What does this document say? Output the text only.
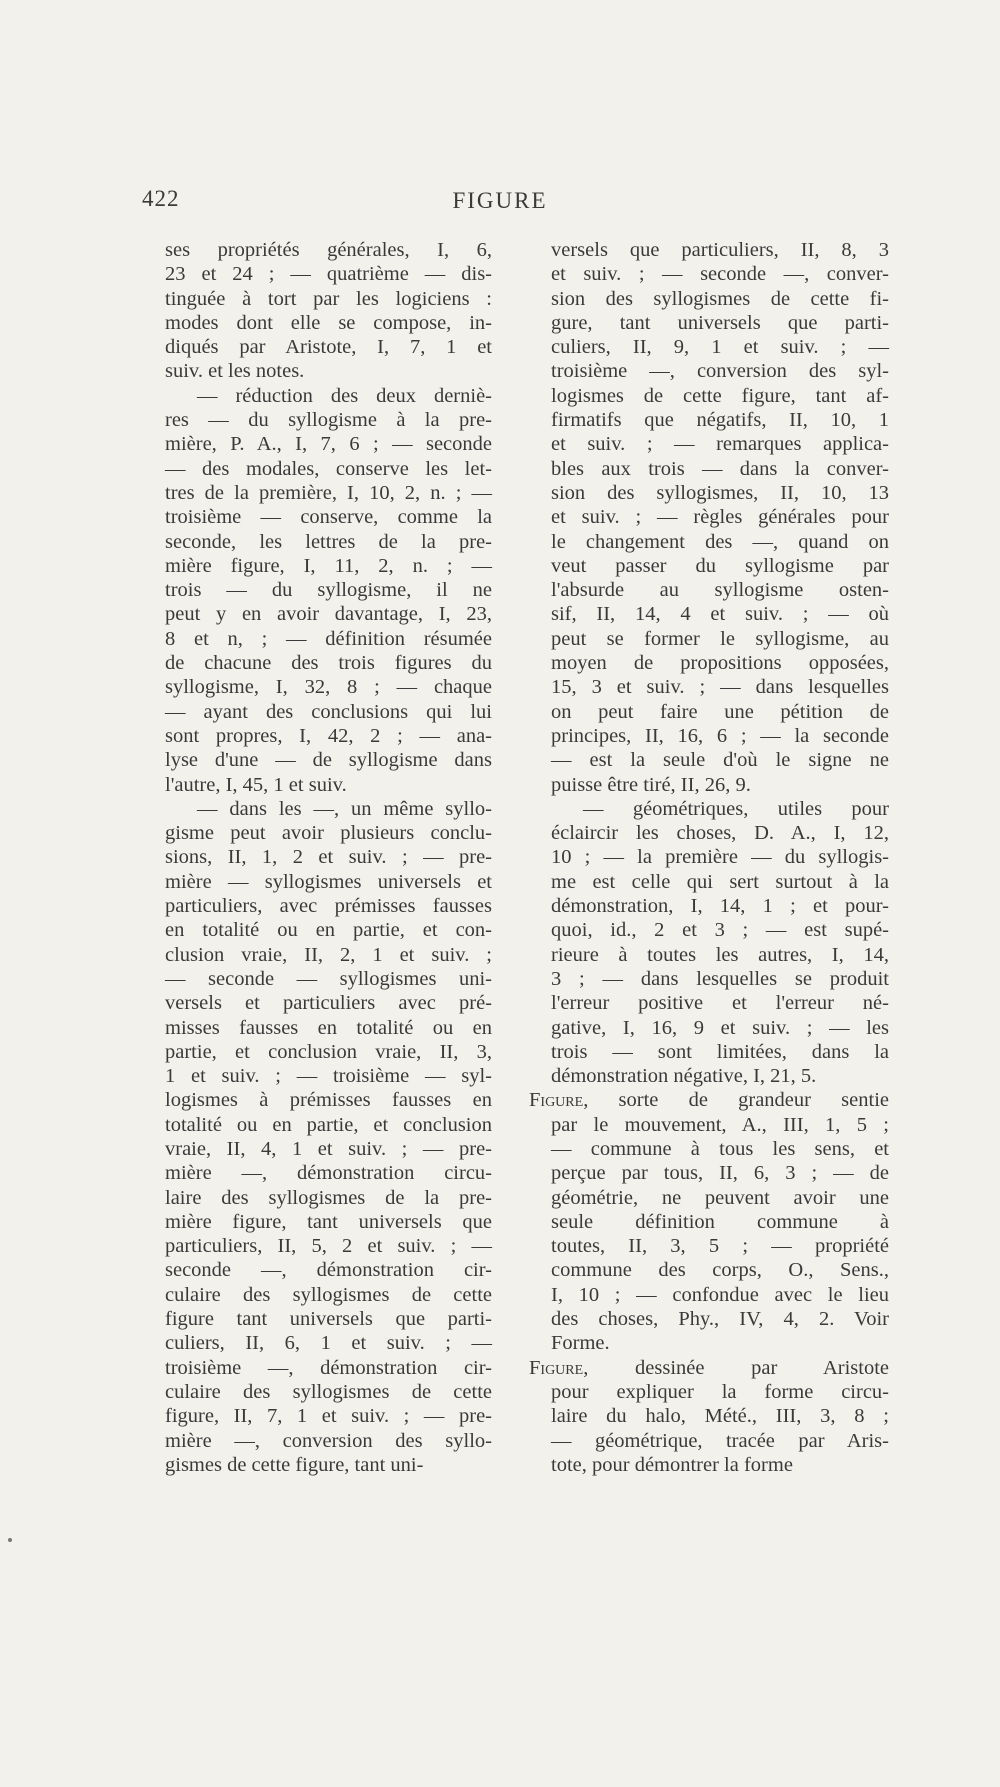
422	FIGURE
ses propriétés générales, I, 6,
23 et 24 ; — quatrième — dis-
tinguée à tort par les logiciens :
modes dont elle se compose, in-
diqués par Aristote, I, 7, 1 et
suiv. et les notes.
— réduction des deux derniè-
res — du syllogisme à la pre-
mière, P. A., I, 7, 6 ; — seconde
— des modales, conserve les let-
tres de la première, I, 10, 2, n. ; —
troisième — conserve, comme la
seconde, les lettres de la pre-
mière figure, I, 11, 2, n. ; —
trois — du syllogisme, il ne
peut y en avoir davantage, I, 23,
8 et n, ; — définition résumée
de chacune des trois figures du
syllogisme, I, 32, 8 ; — chaque
— ayant des conclusions qui lui
sont propres, I, 42, 2 ; — ana-
lyse d'une — de syllogisme dans
l'autre, I, 45, 1 et suiv.
— dans les —, un même syllo-
gisme peut avoir plusieurs conclu-
sions, II, 1, 2 et suiv. ; — pre-
mière — syllogismes universels et
particuliers, avec prémisses fausses
en totalité ou en partie, et con-
clusion vraie, II, 2, 1 et suiv. ;
— seconde — syllogismes uni-
versels et particuliers avec pré-
misses fausses en totalité ou en
partie, et conclusion vraie, II, 3,
1 et suiv. ; — troisième — syl-
logismes à prémisses fausses en
totalité ou en partie, et conclusion
vraie, II, 4, 1 et suiv. ; — pre-
mière —, démonstration circu-
laire des syllogismes de la pre-
mière figure, tant universels que
particuliers, II, 5, 2 et suiv. ; —
seconde —, démonstration cir-
culaire des syllogismes de cette
figure tant universels que parti-
culiers, II, 6, 1 et suiv. ; —
troisième —, démonstration cir-
culaire des syllogismes de cette
figure, II, 7, 1 et suiv. ; — pre-
mière —, conversion des syllo-
gismes de cette figure, tant uni-
versels que particuliers, II, 8, 3
et suiv. ; — seconde —, conver-
sion des syllogismes de cette fi-
gure, tant universels que parti-
culiers, II, 9, 1 et suiv. ; —
troisième —, conversion des syl-
logismes de cette figure, tant af-
firmatifs que négatifs, II, 10, 1
et suiv. ; — remarques applica-
bles aux trois — dans la conver-
sion des syllogismes, II, 10, 13
et suiv. ; — règles générales pour
le changement des —, quand on
veut passer du syllogisme par
l'absurde au syllogisme osten-
sif, II, 14, 4 et suiv. ; — où
peut se former le syllogisme, au
moyen de propositions opposées,
15, 3 et suiv. ; — dans lesquelles
on peut faire une pétition de
principes, II, 16, 6 ; — la seconde
— est la seule d'où le signe ne
puisse être tiré, II, 26, 9.
— géométriques, utiles pour
éclaircir les choses, D. A., I, 12,
10 ; — la première — du syllogis-
me est celle qui sert surtout à la
démonstration, I, 14, 1 ; et pour-
quoi, id., 2 et 3 ; — est supé-
rieure à toutes les autres, I, 14,
3 ; — dans lesquelles se produit
l'erreur positive et l'erreur né-
gative, I, 16, 9 et suiv. ; — les
trois — sont limitées, dans la
démonstration négative, I, 21, 5.
Figure, sorte de grandeur sentie
par le mouvement, A., III, 1, 5 ;
— commune à tous les sens, et
perçue par tous, II, 6, 3 ; — de
géométrie, ne peuvent avoir une
seule définition commune à
toutes, II, 3, 5 ; — propriété
commune des corps, O., Sens.,
I, 10 ; — confondue avec le lieu
des choses, Phy., IV, 4, 2. Voir
Forme.
Figure, dessinée par Aristote
pour expliquer la forme circu-
laire du halo, Mété., III, 3, 8 ;
— géométrique, tracée par Aris-
tote, pour démontrer la forme
